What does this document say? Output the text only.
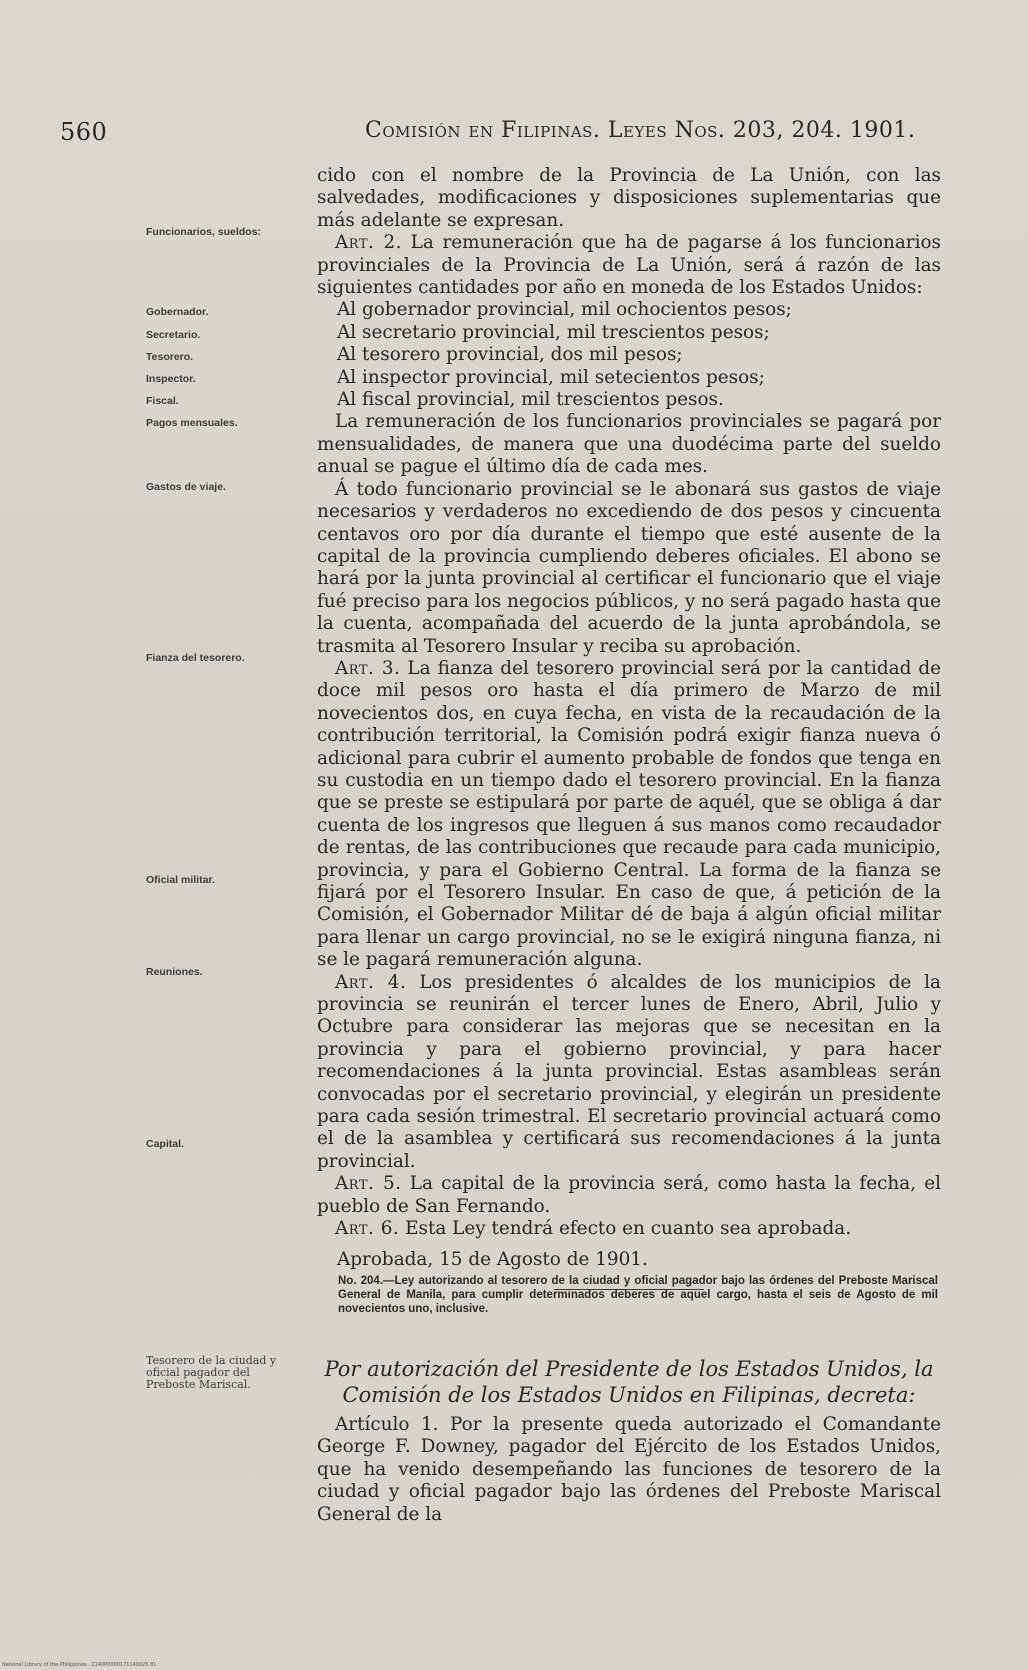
560	Comisión en Filipinas. Leyes Nos. 203, 204. 1901.
Funcionarios, sueldos:
Gobernador.
Secretario.
Tesorero.
Inspector.
Fiscal.
Pagos mensuales.
Gastos de viaje.
Fianza del tesorero.
Oficial militar.
Reuniones.
Capital.
Tesorero de la ciudad y oficial pagador del Preboste Mariscal.

cido con el nombre de la Provincia de La Unión, con las salvedades, modificaciones y disposiciones suplementarias que más adelante se expresan.

Art. 2. La remuneración que ha de pagarse á los funcionarios provinciales de la Provincia de La Unión, será á razón de las siguientes cantidades por año en moneda de los Estados Unidos:

Al gobernador provincial, mil ochocientos pesos;

Al secretario provincial, mil trescientos pesos;

Al tesorero provincial, dos mil pesos;

Al inspector provincial, mil setecientos pesos;

Al fiscal provincial, mil trescientos pesos.

La remuneración de los funcionarios provinciales se pagará por mensualidades, de manera que una duodécima parte del sueldo anual se pague el último día de cada mes.

Á todo funcionario provincial se le abonará sus gastos de viaje necesarios y verdaderos no excediendo de dos pesos y cincuenta centavos oro por día durante el tiempo que esté ausente de la capital de la provincia cumpliendo deberes oficiales. El abono se hará por la junta provincial al certificar el funcionario que el viaje fué preciso para los negocios públicos, y no será pagado hasta que la cuenta, acompañada del acuerdo de la junta aprobándola, se trasmita al Tesorero Insular y reciba su aprobación.

Art. 3. La fianza del tesorero provincial será por la cantidad de doce mil pesos oro hasta el día primero de Marzo de mil novecientos dos, en cuya fecha, en vista de la recaudación de la contribución territorial, la Comisión podrá exigir fianza nueva ó adicional para cubrir el aumento probable de fondos que tenga en su custodia en un tiempo dado el tesorero provincial. En la fianza que se preste se estipulará por parte de aquél, que se obliga á dar cuenta de los ingresos que lleguen á sus manos como recaudador de rentas, de las contribuciones que recaude para cada municipio, provincia, y para el Gobierno Central. La forma de la fianza se fijará por el Tesorero Insular. En caso de que, á petición de la Comisión, el Gobernador Militar dé de baja á algún oficial militar para llenar un cargo provincial, no se le exigirá ninguna fianza, ni se le pagará remuneración alguna.

Art. 4. Los presidentes ó alcaldes de los municipios de la provincia se reunirán el tercer lunes de Enero, Abril, Julio y Octubre para considerar las mejoras que se necesitan en la provincia y para el gobierno provincial, y para hacer recomendaciones á la junta provincial. Estas asambleas serán convocadas por el secretario provincial, y elegirán un presidente para cada sesión trimestral. El secretario provincial actuará como el de la asamblea y certificará sus recomendaciones á la junta provincial.

Art. 5. La capital de la provincia será, como hasta la fecha, el pueblo de San Fernando.

Art. 6. Esta Ley tendrá efecto en cuanto sea aprobada.

Aprobada, 15 de Agosto de 1901.

No. 204.—Ley autorizando al tesorero de la ciudad y oficial pagador bajo las órdenes del Preboste Mariscal General de Manila, para cumplir determinados deberes de aquel cargo, hasta el seis de Agosto de mil novecientos uno, inclusive.
Por autorización del Presidente de los Estados Unidos, la Comisión de los Estados Unidos en Filipinas, decreta:

Artículo 1. Por la presente queda autorizado el Comandante George F. Downey, pagador del Ejército de los Estados Unidos, que ha venido desempeñando las funciones de tesorero de la ciudad y oficial pagador bajo las órdenes del Preboste Mariscal General de la

National Library of the Philippines · 2140P0000171140025 81
